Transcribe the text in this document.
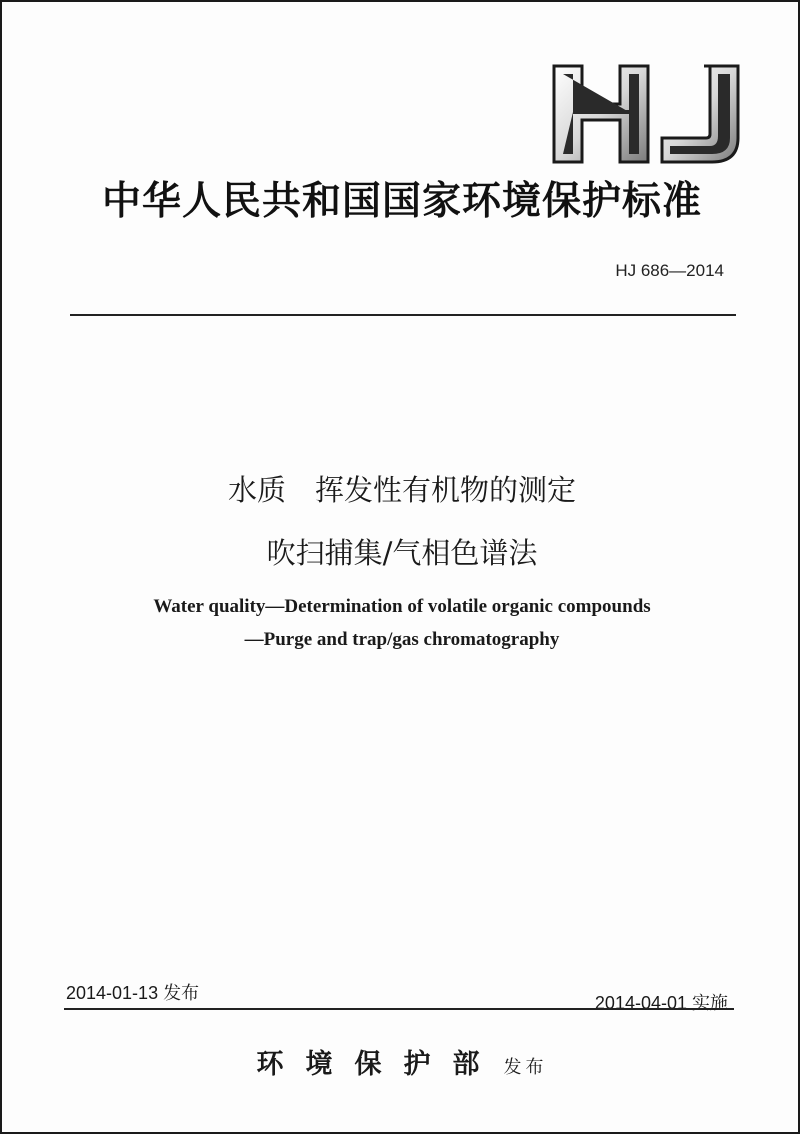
中华人民共和国国家环境保护标准
HJ 686—2014
水质　挥发性有机物的测定
吹扫捕集/气相色谱法
Water quality—Determination of volatile organic compounds
—Purge and trap/gas chromatography
2014-01-13 发布	2014-04-01 实施
环境保护部 发布
